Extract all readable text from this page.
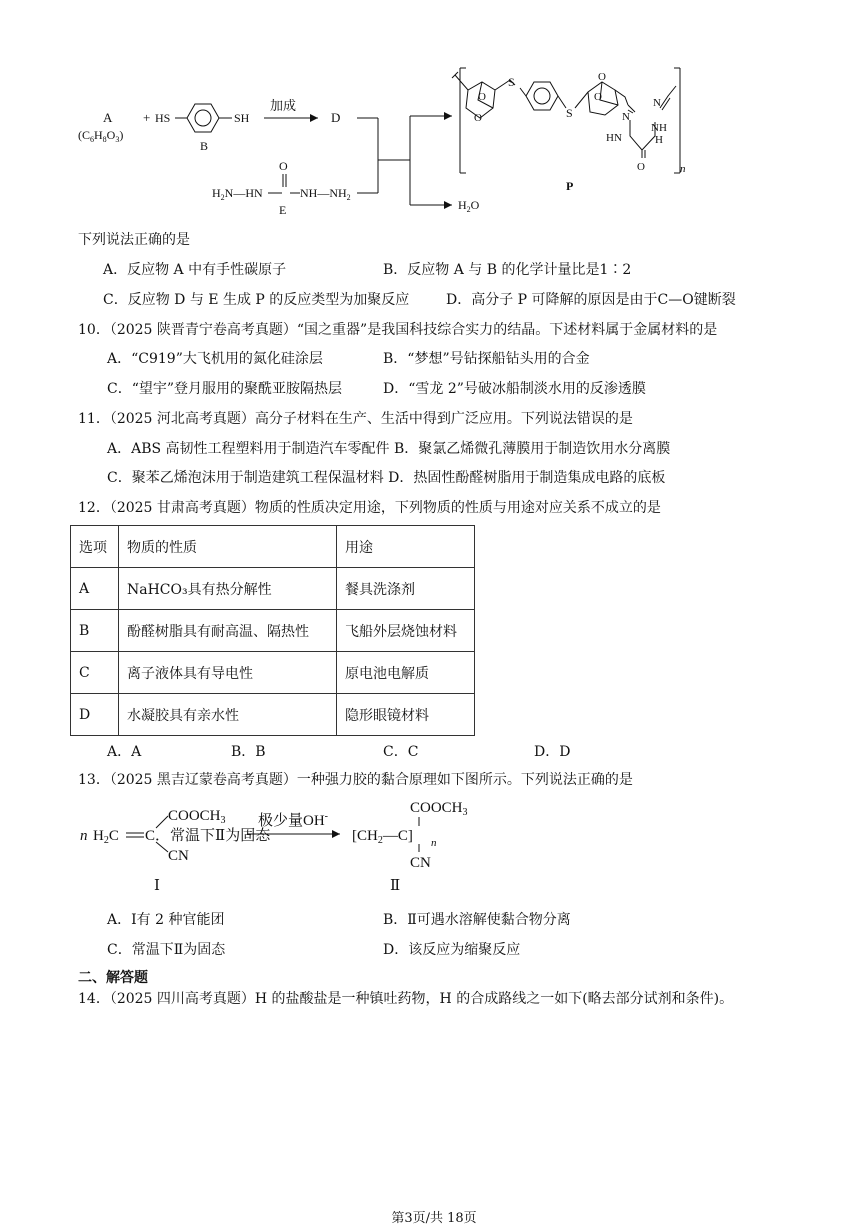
A
$(C_6H_8O_3)$
+ HS	SH
B
加成
D
$H_2N—HN$
O
$NH—NH_2$
E	$H_2O$
S
S
O
O
O
O
N
N
HN
NH
H
O	n
P
下列说法正确的是
A．反应物 A 中有手性碳原子	B．反应物 A 与 B 的化学计量比是1∶2
C．反应物 D 与 E 生成 P 的反应类型为加聚反应	D．高分子 P 可降解的原因是由于C—O键断裂
10．（2025 陕晋青宁卷高考真题）“国之重器”是我国科技综合实力的结晶。下述材料属于金属材料的是
A．“C919”大飞机用的氮化硅涂层	B．“梦想”号钻探船钻头用的合金
C．“望宇”登月服用的聚酰亚胺隔热层	D．“雪龙 2”号破冰船制淡水用的反渗透膜
11．（2025 河北高考真题）高分子材料在生产、生活中得到广泛应用。下列说法错误的是
A．ABS 高韧性工程塑料用于制造汽车零配件 B．聚氯乙烯微孔薄膜用于制造饮用水分离膜
C．聚苯乙烯泡沫用于制造建筑工程保温材料 D．热固性酚醛树脂用于制造集成电路的底板
12．（2025 甘肃高考真题）物质的性质决定用途，下列物质的性质与用途对应关系不成立的是
选项	物质的性质	用途
A	NaHCO₃具有热分解性	餐具洗涤剂
B	酚醛树脂具有耐高温、隔热性	飞船外层烧蚀材料
C	离子液体具有导电性	原电池电解质
D	水凝胶具有亲水性	隐形眼镜材料
A．A	B．B	C．C	D．D
13．（2025 黑吉辽蒙卷高考真题）一种强力胶的黏合原理如下图所示。下列说法正确的是
n $H_2C$ C．常温下Ⅱ为固态
$COOCH_3$
CN
极少量OH-
$COOCH_3$
$[CH_2—C]$ n
CN
Ⅰ	Ⅱ
A．Ⅰ有 2 种官能团	B．Ⅱ可遇水溶解使黏合物分离
C．常温下Ⅱ为固态	D．该反应为缩聚反应
二、解答题
14．（2025 四川高考真题）H 的盐酸盐是一种镇吐药物，H 的合成路线之一如下(略去部分试剂和条件)。
第3页/共 18页
